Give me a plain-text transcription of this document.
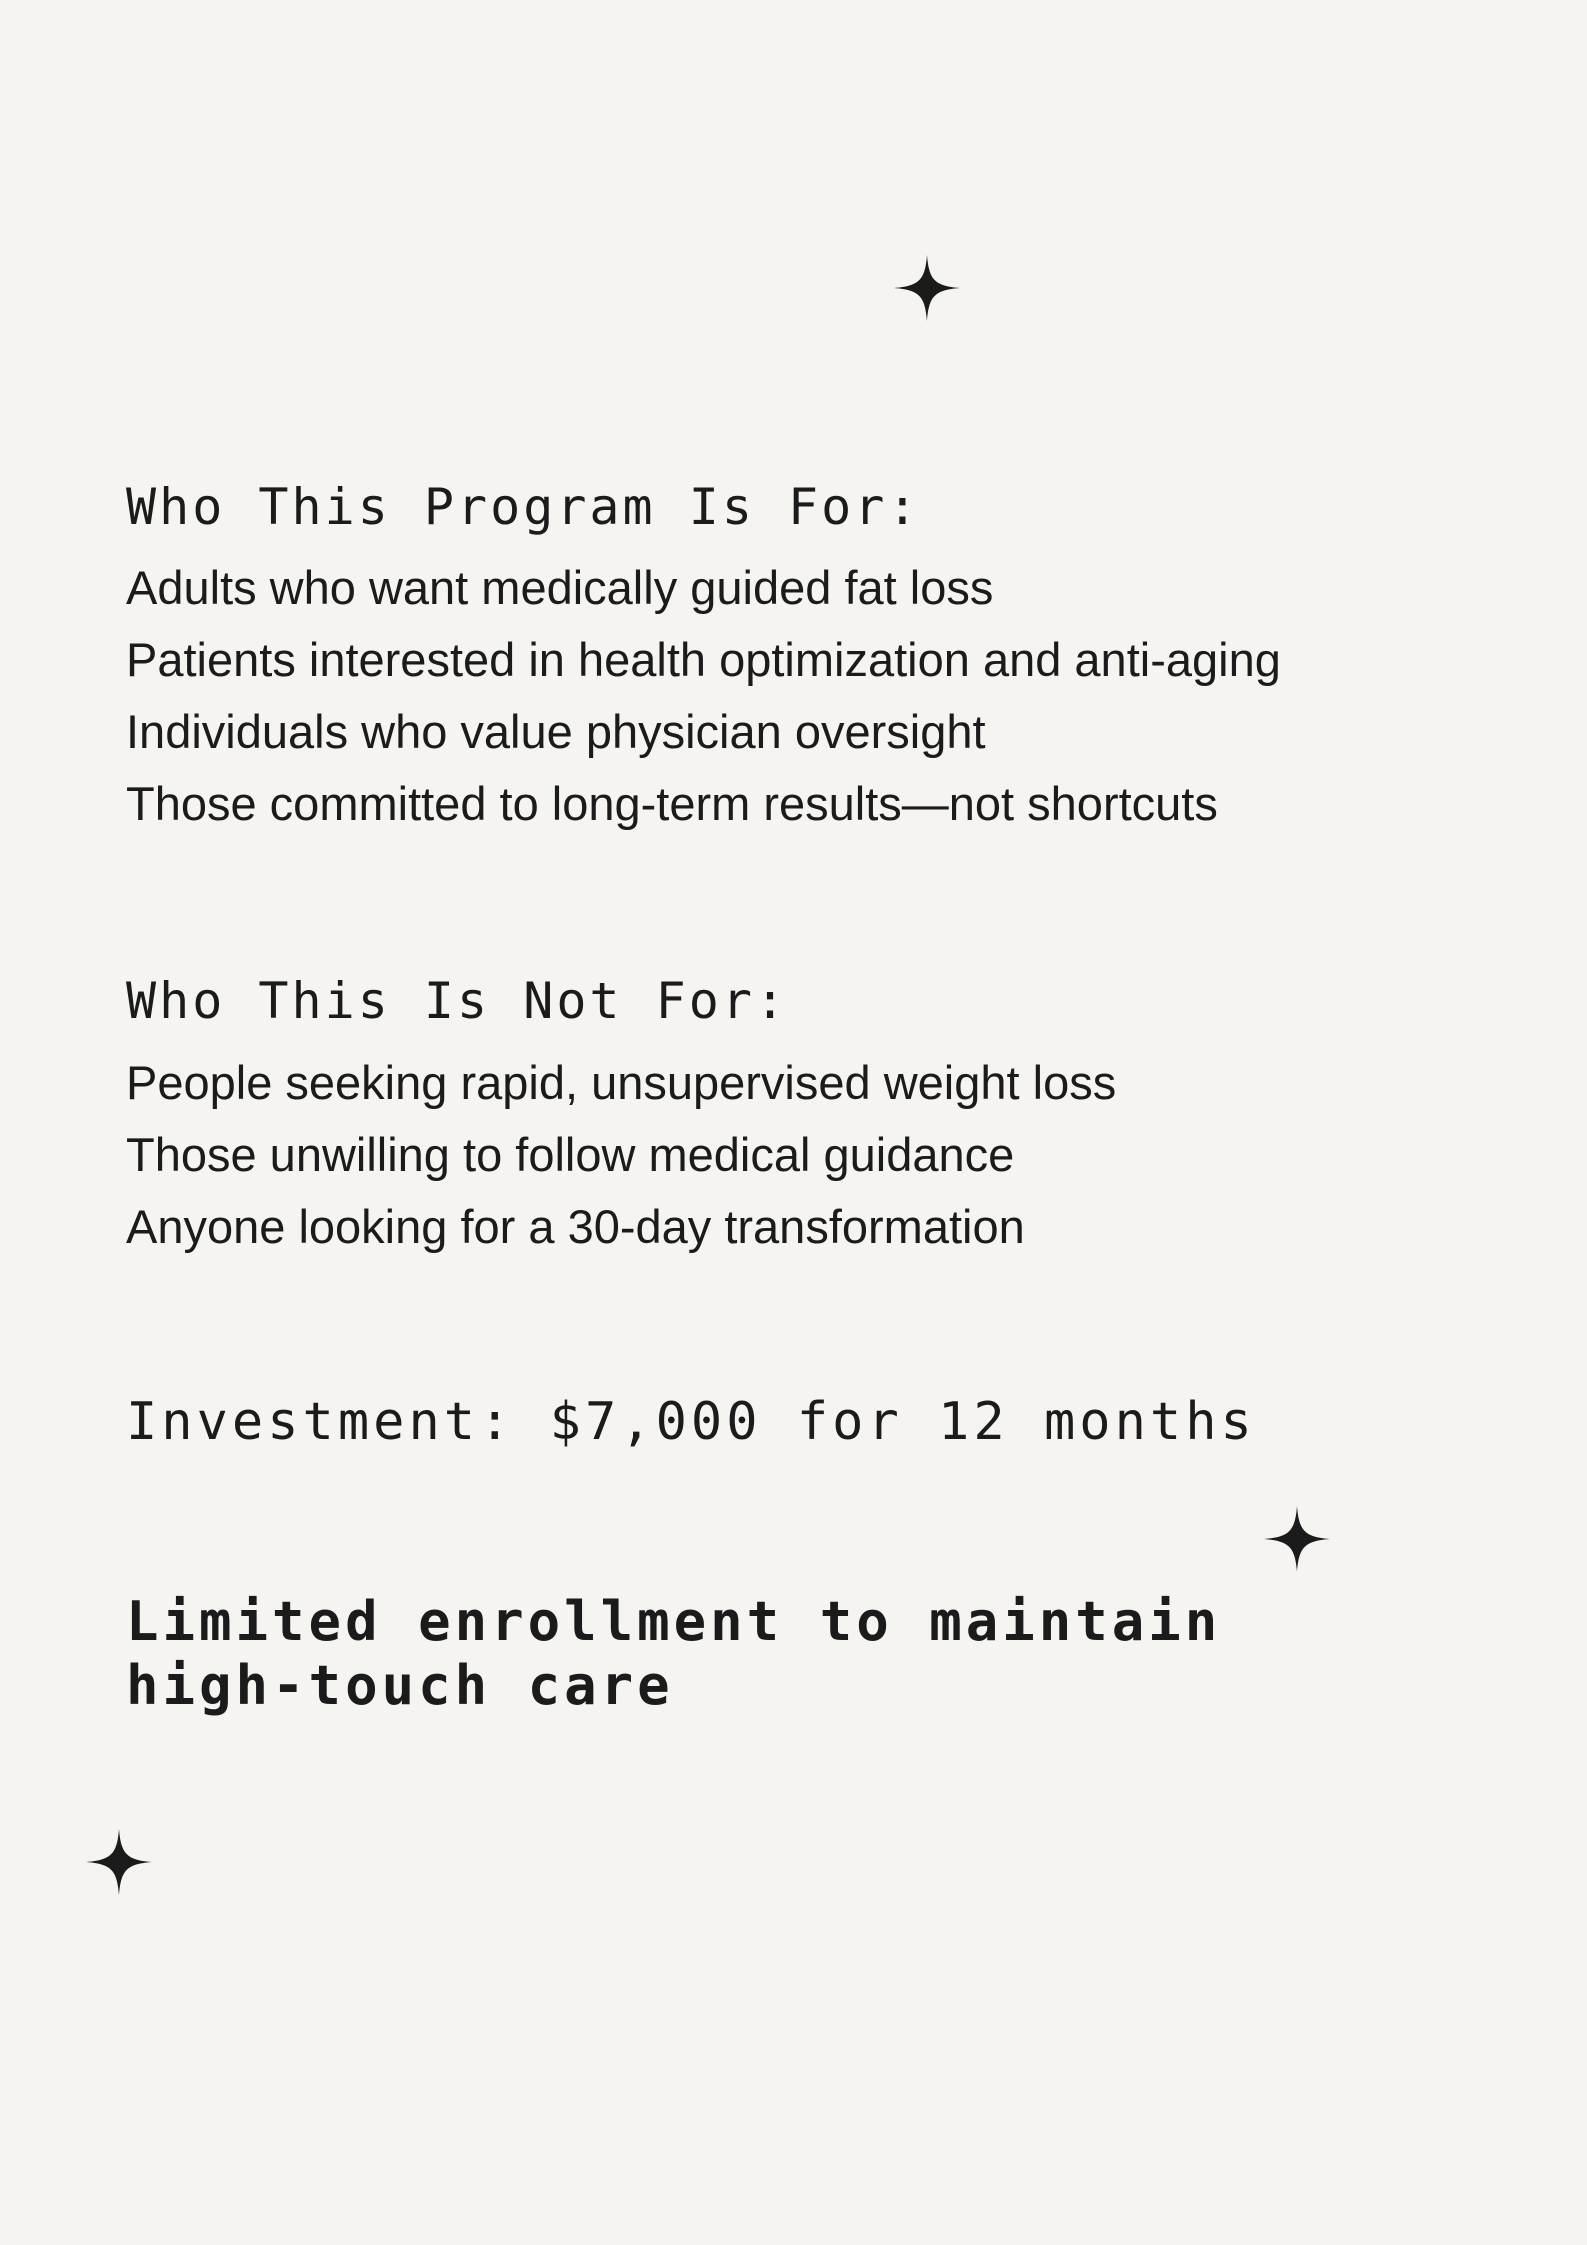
Who This Program Is For:
Adults who want medically guided fat loss
Patients interested in health optimization and anti-aging
Individuals who value physician oversight
Those committed to long-term results—not shortcuts
Who This Is Not For:
People seeking rapid, unsupervised weight loss
Those unwilling to follow medical guidance
Anyone looking for a 30-day transformation

Investment: $7,000 for 12 months

Limited enrollment to maintain high-touch care
